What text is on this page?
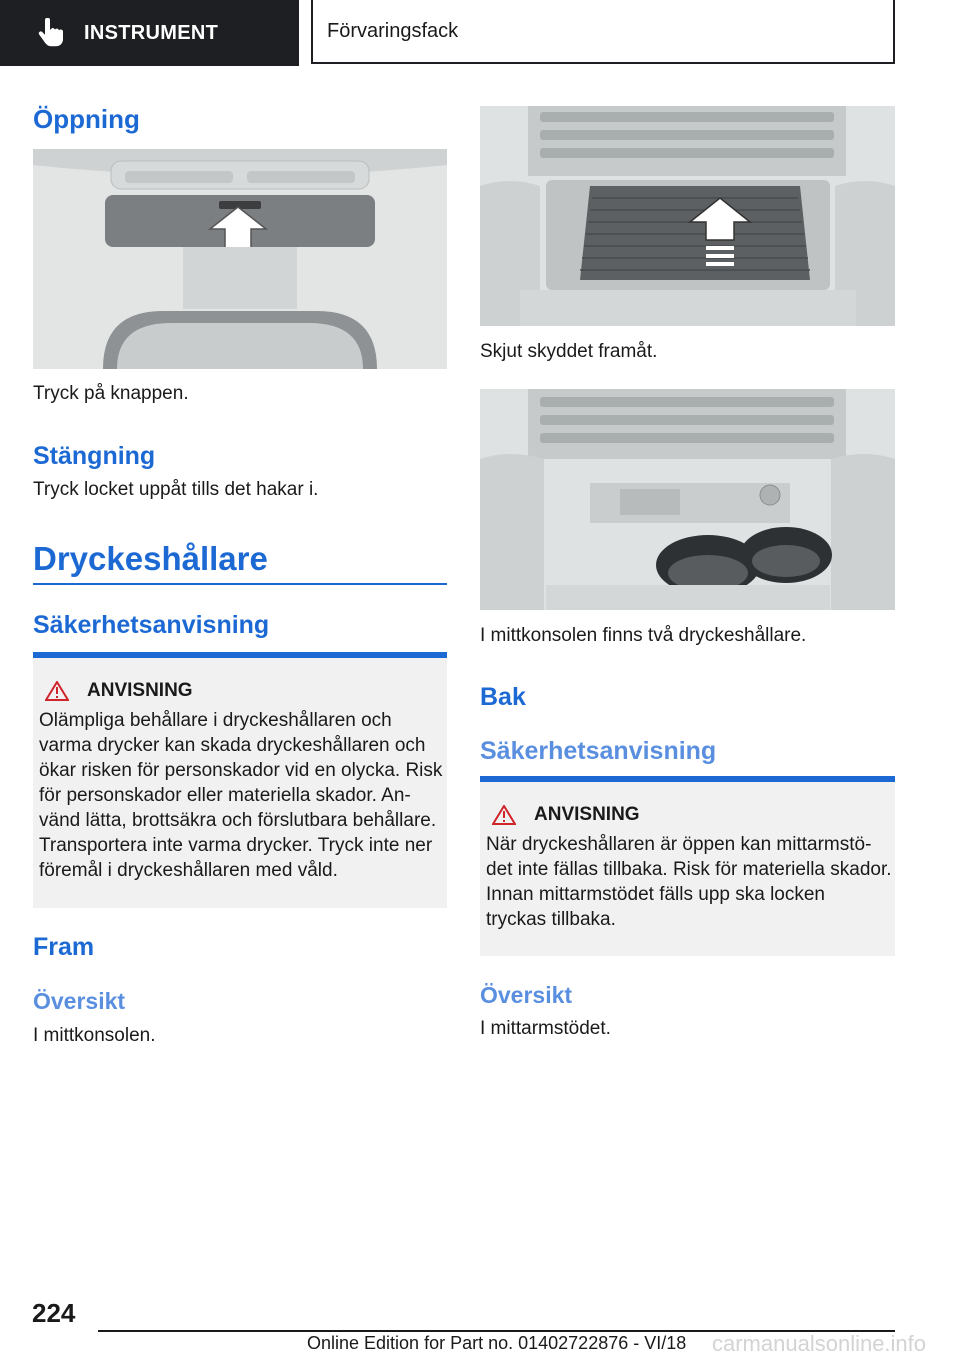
INSTRUMENT	Förvaringsfack
Öppning
Tryck på knappen.
Stängning
Tryck locket uppåt tills det hakar i.
Dryckeshållare
Säkerhetsanvisning
ANVISNING
Olämpliga behållare i dryckeshållaren och
varma drycker kan skada dryckeshållaren och
ökar risken för personskador vid en olycka. Risk
för personskador eller materiella skador. An‐
vänd lätta, brottsäkra och förslutbara behållare.
Transportera inte varma drycker. Tryck inte ner
föremål i dryckeshållaren med våld.
Fram
Översikt
I mittkonsolen.
Skjut skyddet framåt.
I mittkonsolen finns två dryckeshållare.
Bak
Säkerhetsanvisning
ANVISNING
När dryckeshållaren är öppen kan mittarmstö‐
det inte fällas tillbaka. Risk för materiella skador.
Innan mittarmstödet fälls upp ska locken
tryckas tillbaka.
Översikt
I mittarmstödet.
224
Online Edition for Part no. 01402722876 - VI/18 carmanualsonline.info
